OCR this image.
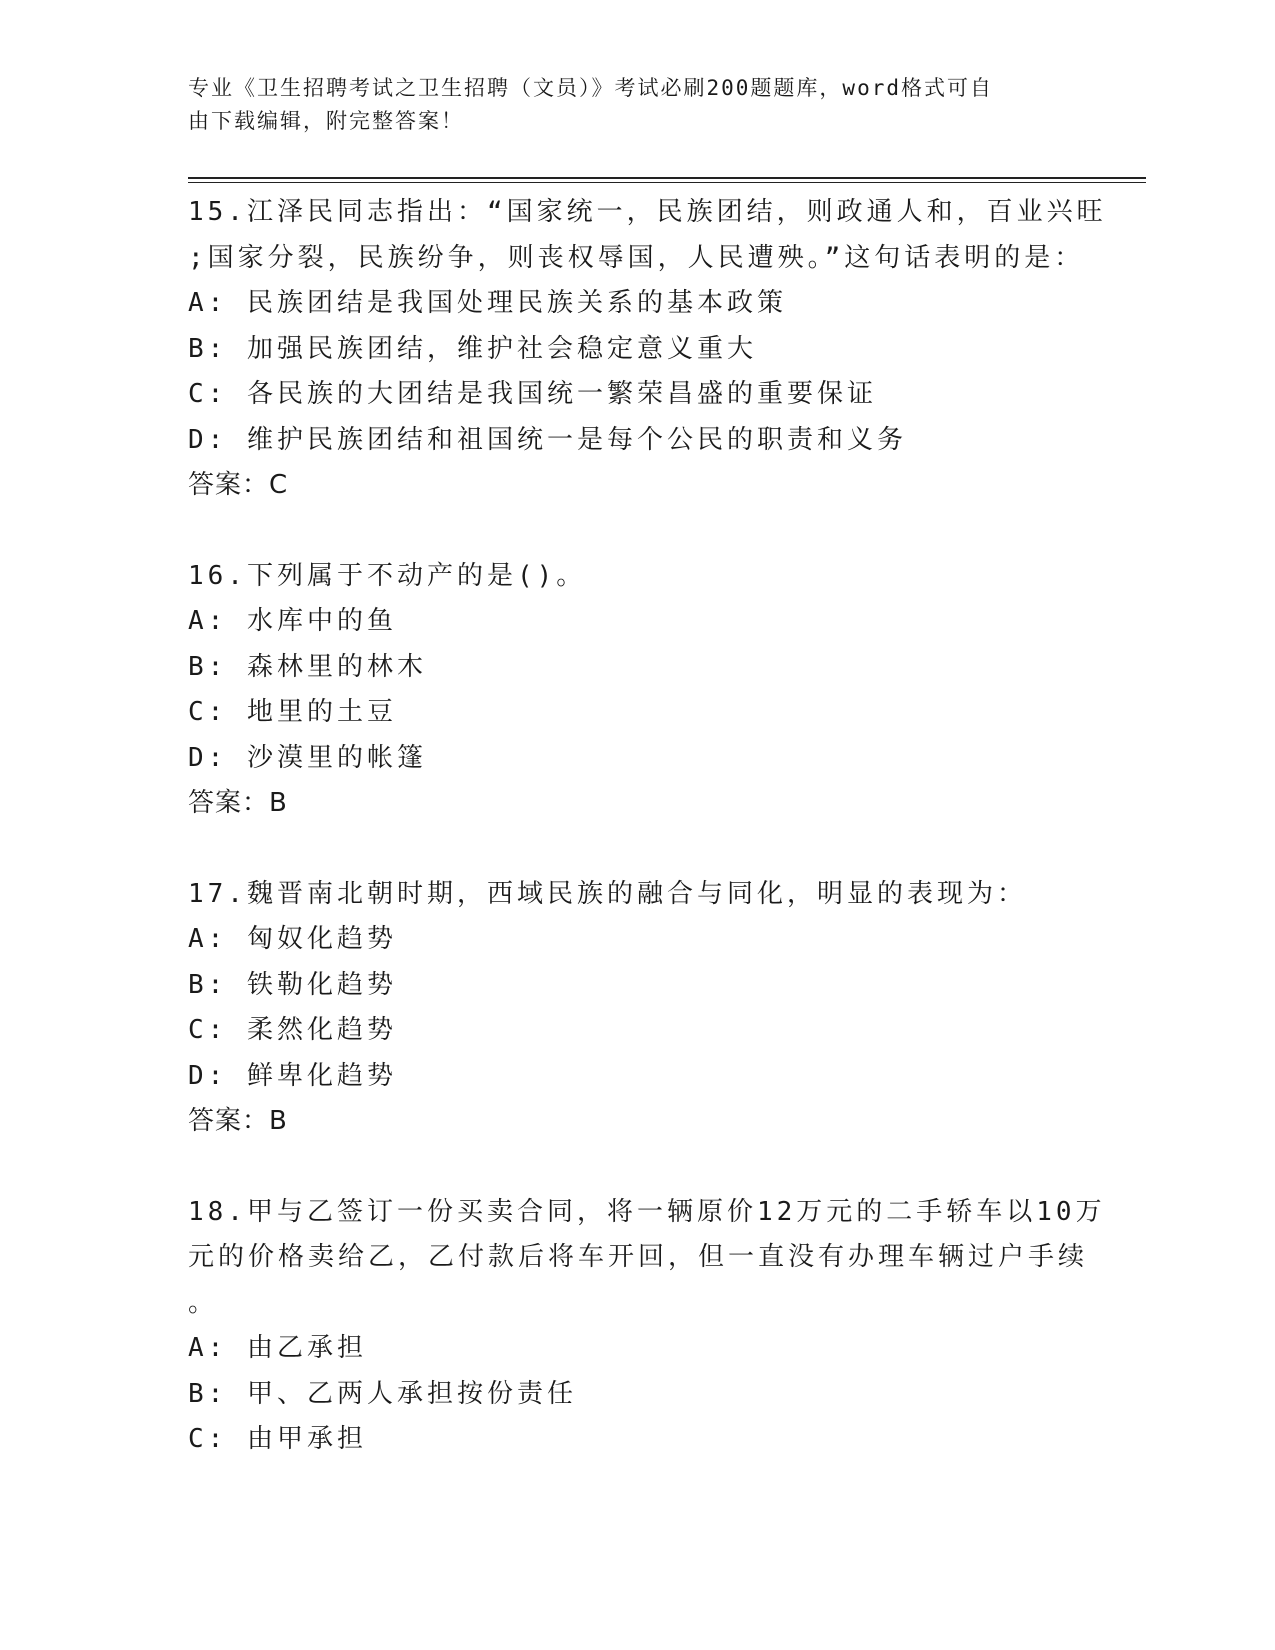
专业《卫生招聘考试之卫生招聘（文员）》考试必刷200题题库，word格式可自
由下载编辑，附完整答案！
15.江泽民同志指出：“国家统一，民族团结，则政通人和，百业兴旺
;国家分裂，民族纷争，则丧权辱国，人民遭殃。”这句话表明的是：
A: 民族团结是我国处理民族关系的基本政策
B: 加强民族团结，维护社会稳定意义重大
C: 各民族的大团结是我国统一繁荣昌盛的重要保证
D: 维护民族团结和祖国统一是每个公民的职责和义务
答案：C
16.下列属于不动产的是()。
A: 水库中的鱼
B: 森林里的林木
C: 地里的土豆
D: 沙漠里的帐篷
答案：B
17.魏晋南北朝时期，西域民族的融合与同化，明显的表现为：
A: 匈奴化趋势
B: 铁勒化趋势
C: 柔然化趋势
D: 鲜卑化趋势
答案：B
18.甲与乙签订一份买卖合同，将一辆原价12万元的二手轿车以10万
元的价格卖给乙，乙付款后将车开回，但一直没有办理车辆过户手续
。
A: 由乙承担
B: 甲、乙两人承担按份责任
C: 由甲承担
